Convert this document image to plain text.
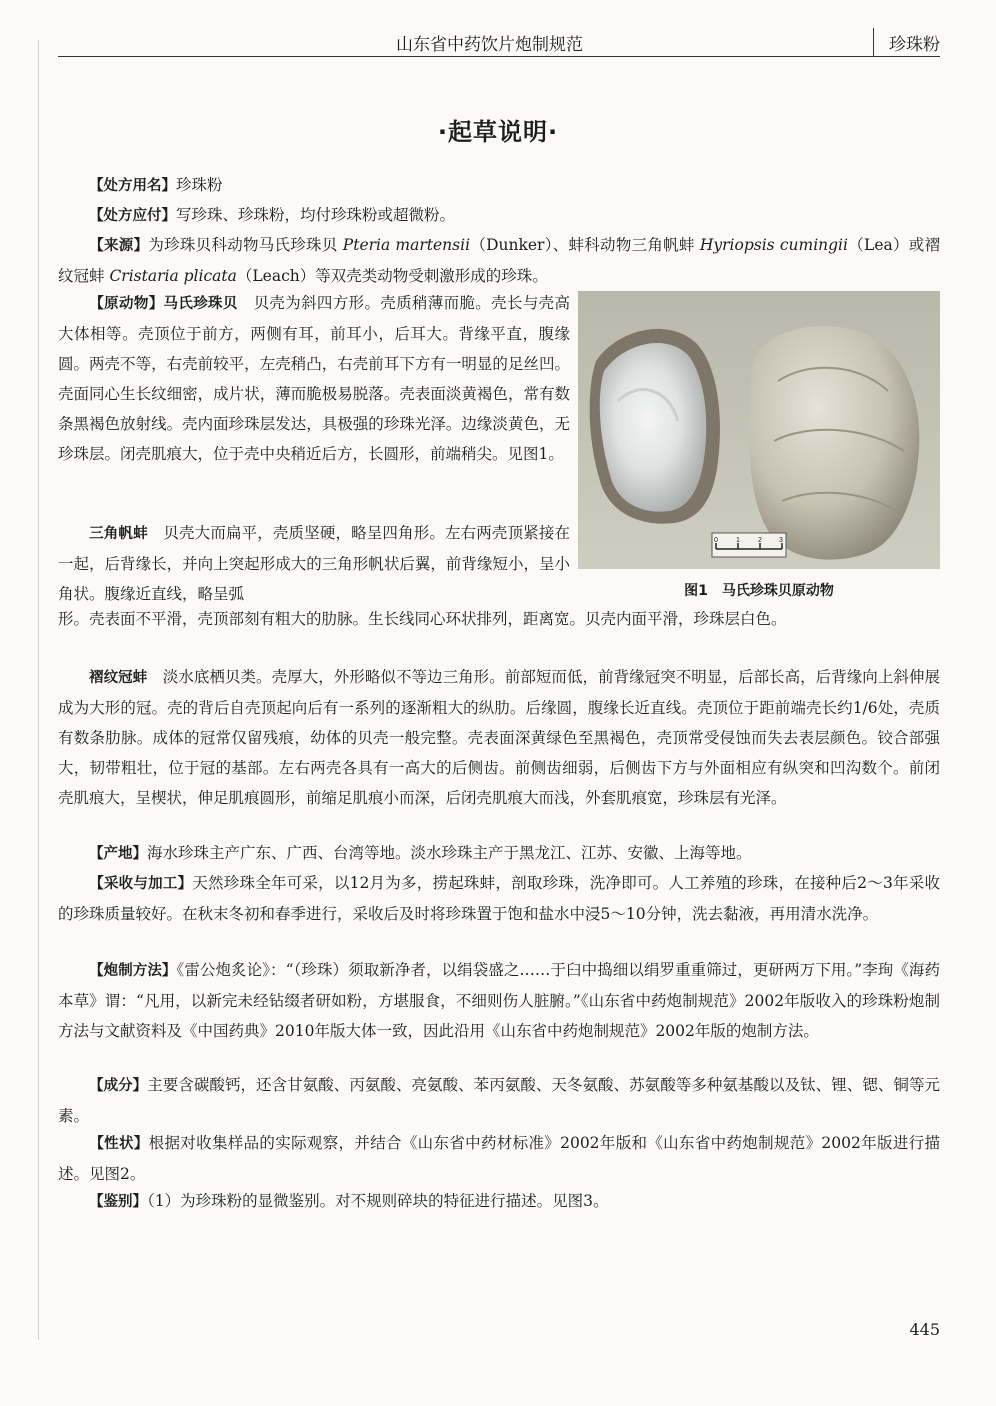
山东省中药饮片炮制规范	珍珠粉
·起草说明·

【处方用名】珍珠粉

【处方应付】写珍珠、珍珠粉，均付珍珠粉或超微粉。

【来源】为珍珠贝科动物马氏珍珠贝 Pteria martensii（Dunker）、蚌科动物三角帆蚌 Hyriopsis cumingii（Lea）或褶纹冠蚌 Cristaria plicata（Leach）等双壳类动物受刺激形成的珍珠。

【原动物】马氏珍珠贝　 贝壳为斜四方形。壳质稍薄而脆。壳长与壳高大体相等。壳顶位于前方，两侧有耳，前耳小，后耳大。背缘平直，腹缘圆。两壳不等，右壳前较平，左壳稍凸，右壳前耳下方有一明显的足丝凹。壳面同心生长纹细密，成片状，薄而脆极易脱落。壳表面淡黄褐色，常有数条黑褐色放射线。壳内面珍珠层发达，具极强的珍珠光泽。边缘淡黄色，无珍珠层。闭壳肌痕大，位于壳中央稍近后方，长圆形，前端稍尖。见图1。

三角帆蚌　 贝壳大而扁平，壳质坚硬，略呈四角形。左右两壳顶紧接在一起，后背缘长，并向上突起形成大的三角形帆状后翼，前背缘短小，呈小角状。腹缘近直线，略呈弧

形。壳表面不平滑，壳顶部刻有粗大的肋脉。生长线同心环状排列，距离宽。贝壳内面平滑，珍珠层白色。

褶纹冠蚌　 淡水底栖贝类。壳厚大，外形略似不等边三角形。前部短而低，前背缘冠突不明显，后部长高，后背缘向上斜伸展成为大形的冠。壳的背后自壳顶起向后有一系列的逐渐粗大的纵肋。后缘圆，腹缘长近直线。壳顶位于距前端壳长约1/6处，壳质有数条肋脉。成体的冠常仅留残痕，幼体的贝壳一般完整。壳表面深黄绿色至黑褐色，壳顶常受侵蚀而失去表层颜色。铰合部强大，韧带粗壮，位于冠的基部。左右两壳各具有一高大的后侧齿。前侧齿细弱，后侧齿下方与外面相应有纵突和凹沟数个。前闭壳肌痕大，呈楔状，伸足肌痕圆形，前缩足肌痕小而深，后闭壳肌痕大而浅，外套肌痕宽，珍珠层有光泽。

【产地】海水珍珠主产广东、广西、台湾等地。淡水珍珠主产于黑龙江、江苏、安徽、上海等地。

【采收与加工】天然珍珠全年可采，以12月为多，捞起珠蚌，剖取珍珠，洗净即可。人工养殖的珍珠，在接种后2～3年采收的珍珠质量较好。在秋末冬初和春季进行，采收后及时将珍珠置于饱和盐水中浸5～10分钟，洗去黏液，再用清水洗净。

【炮制方法】《雷公炮炙论》：“（珍珠）须取新净者，以绢袋盛之……于臼中捣细以绢罗重重筛过，更研两万下用。”李珣《海药本草》谓：“凡用，以新完未经钻缀者研如粉，方堪服食，不细则伤人脏腑。”《山东省中药炮制规范》2002年版收入的珍珠粉炮制方法与文献资料及《中国药典》2010年版大体一致，因此沿用《山东省中药炮制规范》2002年版的炮制方法。

【成分】主要含碳酸钙，还含甘氨酸、丙氨酸、亮氨酸、苯丙氨酸、天冬氨酸、苏氨酸等多种氨基酸以及钛、锂、锶、铜等元素。

【性状】根据对收集样品的实际观察，并结合《山东省中药材标准》2002年版和《山东省中药炮制规范》2002年版进行描述。见图2。

【鉴别】（1）为珍珠粉的显微鉴别。对不规则碎块的特征进行描述。见图3。

0	1	2 3
图1　马氏珍珠贝原动物
445
